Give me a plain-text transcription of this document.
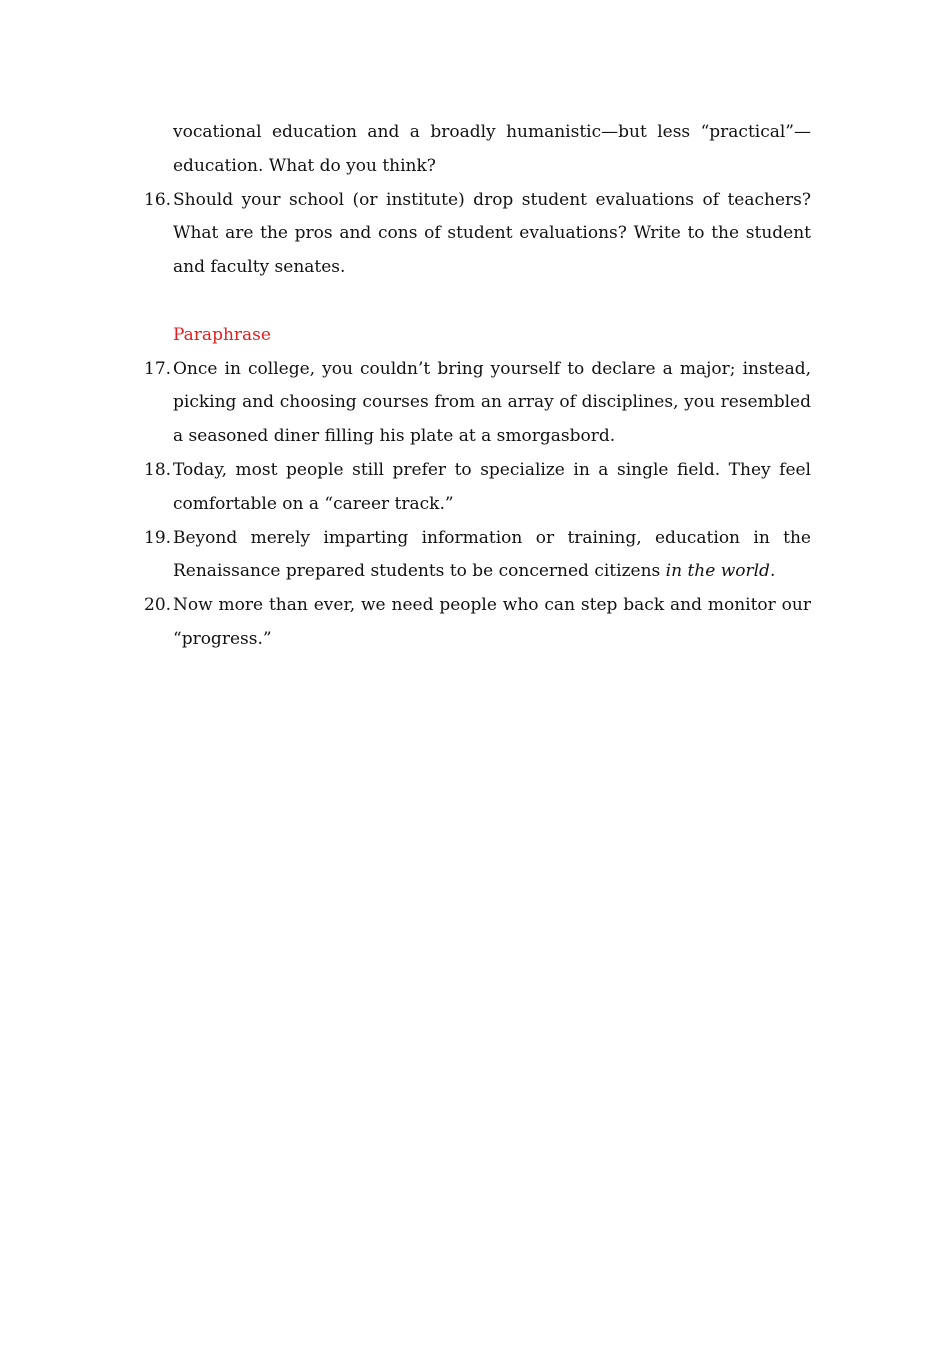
vocational education and a broadly humanistic—but less “practical”—education. What do you think?
16. Should your school (or institute) drop student evaluations of teachers? What are the pros and cons of student evaluations? Write to the student and faculty senates.
Paraphrase
17. Once in college, you couldn’t bring yourself to declare a major; instead, picking and choosing courses from an array of disciplines, you resembled a seasoned diner filling his plate at a smorgasbord.
18. Today, most people still prefer to specialize in a single field. They feel comfortable on a “career track.”
19. Beyond merely imparting information or training, education in the Renaissance prepared students to be concerned citizens in the world.
20. Now more than ever, we need people who can step back and monitor our “progress.”
